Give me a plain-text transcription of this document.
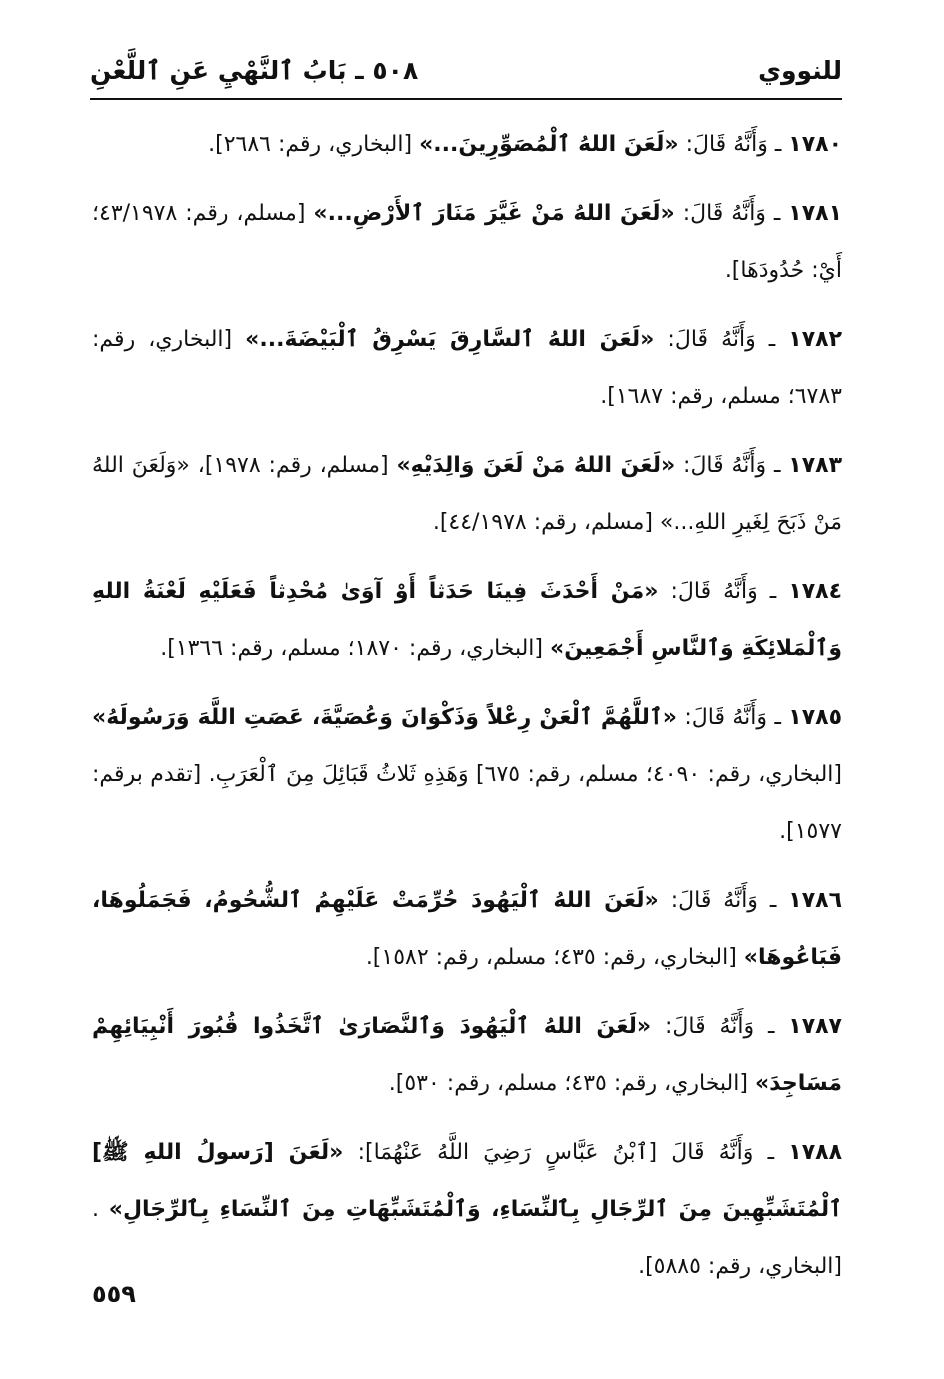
للنووي
٥٠٨ ـ بَابُ ٱلنَّهْيِ عَنِ ٱللَّعْنِ

١٧٨٠ ـ وَأَنَّهُ قَالَ: «لَعَنَ اللهُ ٱلْمُصَوِّرِينَ...» [البخاري، رقم: ٢٦٨٦].

١٧٨١ ـ وَأَنَّهُ قَالَ: «لَعَنَ اللهُ مَنْ غَيَّرَ مَنَارَ ٱلأَرْضِ...» [مسلم، رقم: ٤٣/١٩٧٨؛ أَيْ: حُدُودَهَا].

١٧٨٢ ـ وَأَنَّهُ قَالَ: «لَعَنَ اللهُ ٱلسَّارِقَ يَسْرِقُ ٱلْبَيْضَةَ...» [البخاري، رقم: ٦٧٨٣؛ مسلم، رقم: ١٦٨٧].

١٧٨٣ ـ وَأَنَّهُ قَالَ: «لَعَنَ اللهُ مَنْ لَعَنَ وَالِدَيْهِ» [مسلم، رقم: ١٩٧٨]، «وَلَعَنَ اللهُ مَنْ ذَبَحَ لِغَيرِ اللهِ...» [مسلم، رقم: ٤٤/١٩٧٨].

١٧٨٤ ـ وَأَنَّهُ قَالَ: «مَنْ أَحْدَثَ فِينَا حَدَثاً أَوْ آوَىٰ مُحْدِثاً فَعَلَيْهِ لَعْنَةُ اللهِ وَٱلْمَلائِكَةِ وَٱلنَّاسِ أَجْمَعِينَ» [البخاري، رقم: ١٨٧٠؛ مسلم، رقم: ١٣٦٦].

١٧٨٥ ـ وَأَنَّهُ قَالَ: «ٱللَّهُمَّ ٱلْعَنْ رِعْلاً وَذَكْوَانَ وَعُصَيَّةَ، عَصَتِ اللَّهَ وَرَسُولَهُ» [البخاري، رقم: ٤٠٩٠؛ مسلم، رقم: ٦٧٥] وَهَذِهِ ثَلاثُ قَبَائِلَ مِنَ ٱلْعَرَبِ. [تقدم برقم: ١٥٧٧].

١٧٨٦ ـ وَأَنَّهُ قَالَ: «لَعَنَ اللهُ ٱلْيَهُودَ حُرِّمَتْ عَلَيْهِمُ ٱلشُّحُومُ، فَجَمَلُوهَا، فَبَاعُوهَا» [البخاري، رقم: ٤٣٥؛ مسلم، رقم: ١٥٨٢].

١٧٨٧ ـ وَأَنَّهُ قَالَ: «لَعَنَ اللهُ ٱلْيَهُودَ وَٱلنَّصَارَىٰ ٱتَّخَذُوا قُبُورَ أَنْبِيَائِهِمْ مَسَاجِدَ» [البخاري، رقم: ٤٣٥؛ مسلم، رقم: ٥٣٠].

١٧٨٨ ـ وَأَنَّهُ قَالَ [ٱبْنُ عَبَّاسٍ رَضِيَ اللَّهُ عَنْهُمَا]: «لَعَنَ [رَسولُ اللهِ ﷺ] ٱلْمُتَشَبِّهِينَ مِنَ ٱلرِّجَالِ بِٱلنِّسَاءِ، وَٱلْمُتَشَبِّهَاتِ مِنَ ٱلنِّسَاءِ بِٱلرِّجَالِ» . [البخاري، رقم: ٥٨٨٥].

٥٥٩
